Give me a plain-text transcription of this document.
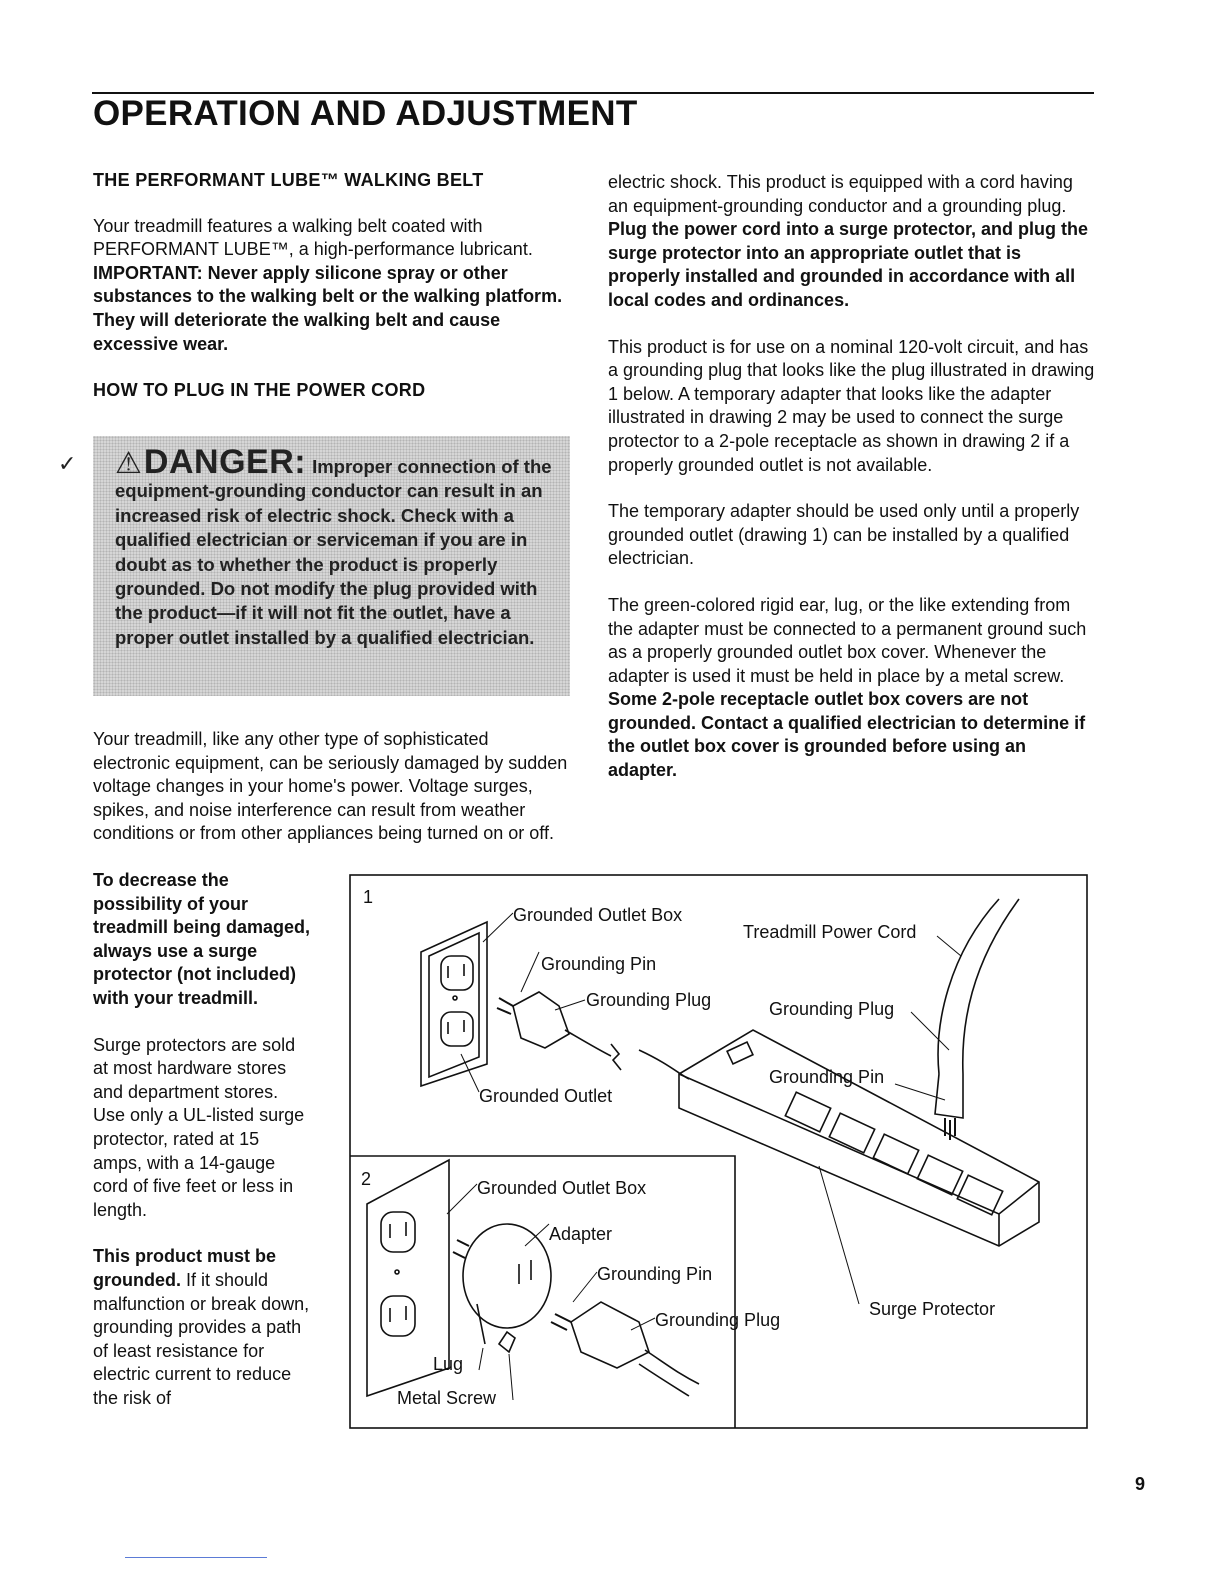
OPERATION AND ADJUSTMENT

THE PERFORMANT LUBE™ WALKING BELT

Your treadmill features a walking belt coated with PERFORMANT LUBE™, a high-performance lubricant.

IMPORTANT: Never apply silicone spray or other substances to the walking belt or the walking platform. They will deteriorate the walking belt and cause excessive wear.

HOW TO PLUG IN THE POWER CORD

✓ ⚠DANGER: Improper connection of the equipment-grounding conductor can result in an increased risk of electric shock. Check with a qualified electrician or serviceman if you are in doubt as to whether the product is properly grounded. Do not modify the plug provided with the product—if it will not fit the outlet, have a proper outlet installed by a qualified electrician.

Your treadmill, like any other type of sophisticated electronic equipment, can be seriously damaged by sudden voltage changes in your home's power. Voltage surges, spikes, and noise interference can result from weather conditions or from other appliances being turned on or off.

To decrease the possibility of your treadmill being damaged, always use a surge protector (not included) with your treadmill.

Surge protectors are sold at most hardware stores and department stores. Use only a UL-listed surge protector, rated at 15 amps, with a 14-gauge cord of five feet or less in length.

This product must be grounded. If it should malfunction or break down, grounding provides a path of least resistance for electric current to reduce the risk of

electric shock. This product is equipped with a cord having an equipment-grounding conductor and a grounding plug. Plug the power cord into a surge protector, and plug the surge protector into an appropriate outlet that is properly installed and grounded in accordance with all local codes and ordinances.

This product is for use on a nominal 120-volt circuit, and has a grounding plug that looks like the plug illustrated in drawing 1 below. A temporary adapter that looks like the adapter illustrated in drawing 2 may be used to connect the surge protector to a 2-pole receptacle as shown in drawing 2 if a properly grounded outlet is not available.

The temporary adapter should be used only until a properly grounded outlet (drawing 1) can be installed by a qualified electrician.

The green-colored rigid ear, lug, or the like extending from the adapter must be connected to a permanent ground such as a properly grounded outlet box cover. Whenever the adapter is used it must be held in place by a metal screw. Some 2-pole receptacle outlet box covers are not grounded. Contact a qualified electrician to determine if the outlet box cover is grounded before using an adapter.

1
2
Grounded Outlet Box
Treadmill Power Cord
Grounding Pin
Grounding Plug	Grounding Plug
Grounding Pin
Grounded Outlet
Grounded Outlet Box
Adapter
Grounding Pin
Grounding Plug
Surge Protector
Lug
Metal Screw
9
